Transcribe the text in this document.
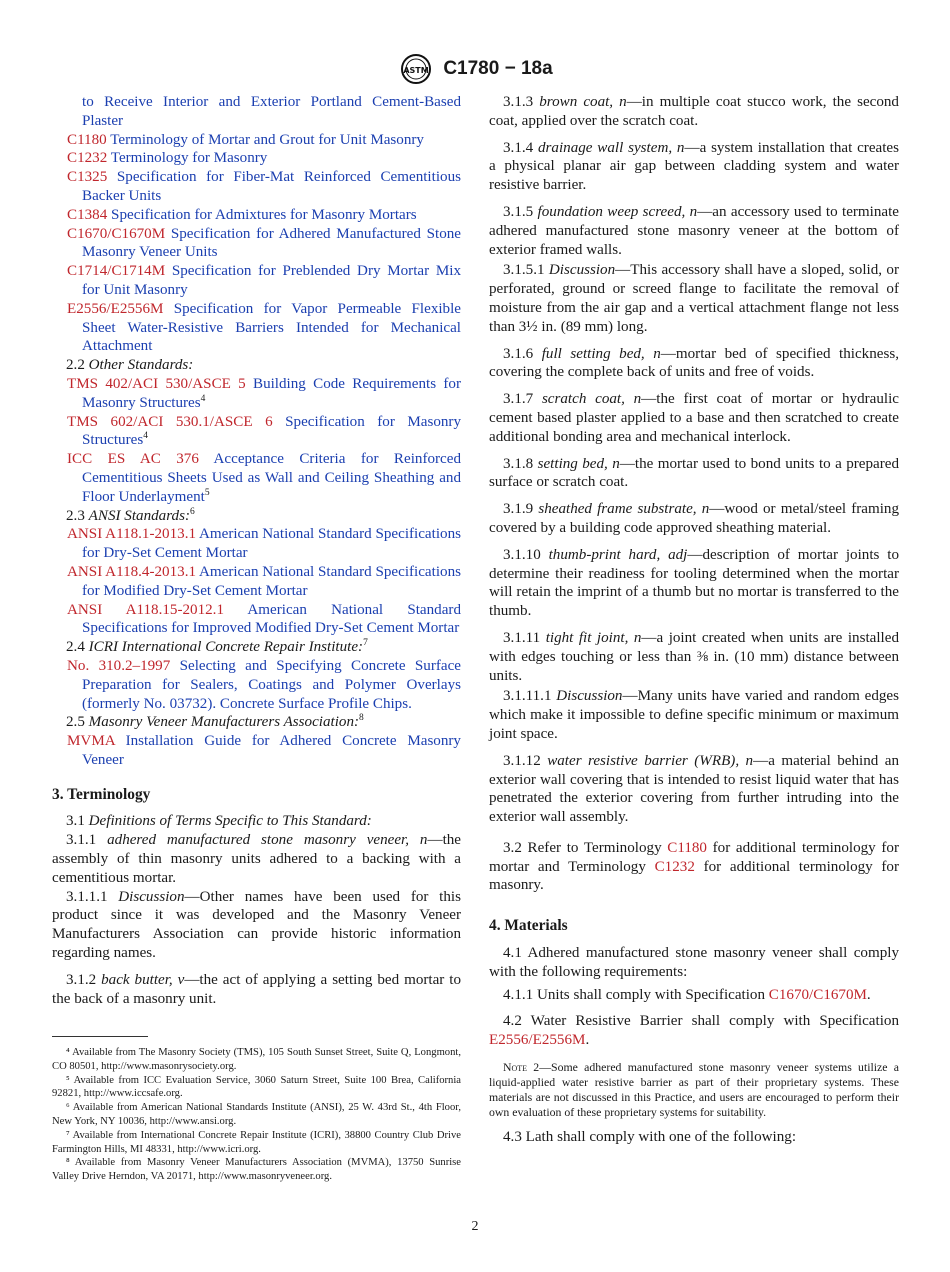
ASTM C1780 − 18a

to Receive Interior and Exterior Portland Cement-Based Plaster

C1180 Terminology of Mortar and Grout for Unit Masonry

C1232 Terminology for Masonry

C1325 Specification for Fiber-Mat Reinforced Cementitious Backer Units

C1384 Specification for Admixtures for Masonry Mortars

C1670/C1670M Specification for Adhered Manufactured Stone Masonry Veneer Units

C1714/C1714M Specification for Preblended Dry Mortar Mix for Unit Masonry

E2556/E2556M Specification for Vapor Permeable Flexible Sheet Water-Resistive Barriers Intended for Mechanical Attachment

2.2 Other Standards:

TMS 402/ACI 530/ASCE 5 Building Code Requirements for Masonry Structures$^4$

TMS 602/ACI 530.1/ASCE 6 Specification for Masonry Structures$^4$

ICC ES AC 376 Acceptance Criteria for Reinforced Cementitious Sheets Used as Wall and Ceiling Sheathing and Floor Underlayment$^5$

2.3 ANSI Standards:$^6$

ANSI A118.1-2013.1 American National Standard Specifications for Dry-Set Cement Mortar

ANSI A118.4-2013.1 American National Standard Specifications for Modified Dry-Set Cement Mortar

ANSI A118.15-2012.1 American National Standard Specifications for Improved Modified Dry-Set Cement Mortar

2.4 ICRI International Concrete Repair Institute:$^7$

No. 310.2–1997 Selecting and Specifying Concrete Surface Preparation for Sealers, Coatings and Polymer Overlays (formerly No. 03732). Concrete Surface Profile Chips.

2.5 Masonry Veneer Manufacturers Association:$^8$

MVMA Installation Guide for Adhered Concrete Masonry Veneer

3. Terminology

3.1 Definitions of Terms Specific to This Standard:

3.1.1 adhered manufactured stone masonry veneer, n—the assembly of thin masonry units adhered to a backing with a cementitious mortar.

3.1.1.1 Discussion—Other names have been used for this product since it was developed and the Masonry Veneer Manufacturers Association can provide historic information regarding names.

3.1.2 back butter, v—the act of applying a setting bed mortar to the back of a masonry unit.

⁴ Available from The Masonry Society (TMS), 105 South Sunset Street, Suite Q, Longmont, CO 80501, http://www.masonrysociety.org.

⁵ Available from ICC Evaluation Service, 3060 Saturn Street, Suite 100 Brea, California 92821, http://www.iccsafe.org.

⁶ Available from American National Standards Institute (ANSI), 25 W. 43rd St., 4th Floor, New York, NY 10036, http://www.ansi.org.

⁷ Available from International Concrete Repair Institute (ICRI), 38800 Country Club Drive Farmington Hills, MI 48331, http://www.icri.org.

⁸ Available from Masonry Veneer Manufacturers Association (MVMA), 13750 Sunrise Valley Drive Herndon, VA 20171, http://www.masonryveneer.org.

3.1.3 brown coat, n—in multiple coat stucco work, the second coat, applied over the scratch coat.

3.1.4 drainage wall system, n—a system installation that creates a physical planar air gap between cladding system and water resistive barrier.

3.1.5 foundation weep screed, n—an accessory used to terminate adhered manufactured stone masonry veneer at the bottom of exterior framed walls.

3.1.5.1 Discussion—This accessory shall have a sloped, solid, or perforated, ground or screed flange to facilitate the removal of moisture from the air gap and a vertical attachment flange not less than 3½ in. (89 mm) long.

3.1.6 full setting bed, n—mortar bed of specified thickness, covering the complete back of units and free of voids.

3.1.7 scratch coat, n—the first coat of mortar or hydraulic cement based plaster applied to a base and then scratched to create additional bonding area and mechanical interlock.

3.1.8 setting bed, n—the mortar used to bond units to a prepared surface or scratch coat.

3.1.9 sheathed frame substrate, n—wood or metal/steel framing covered by a building code approved sheathing material.

3.1.10 thumb-print hard, adj—description of mortar joints to determine their readiness for tooling determined when the mortar will retain the imprint of a thumb but no mortar is transferred to the thumb.

3.1.11 tight fit joint, n—a joint created when units are installed with edges touching or less than ⅜ in. (10 mm) distance between units.

3.1.11.1 Discussion—Many units have varied and random edges which make it impossible to define specific minimum or maximum joint space.

3.1.12 water resistive barrier (WRB), n—a material behind an exterior wall covering that is intended to resist liquid water that has penetrated the exterior covering from further intruding into the exterior wall assembly.

3.2 Refer to Terminology C1180 for additional terminology for mortar and Terminology C1232 for additional terminology for masonry.

4. Materials

4.1 Adhered manufactured stone masonry veneer shall comply with the following requirements:

4.1.1 Units shall comply with Specification C1670/C1670M.

4.2 Water Resistive Barrier shall comply with Specification E2556/E2556M.

Note 2—Some adhered manufactured stone masonry veneer systems utilize a liquid-applied water resistive barrier as part of their proprietary systems. These materials are not discussed in this Practice, and users are encouraged to perform their own evaluation of these proprietary systems for suitability.

4.3 Lath shall comply with one of the following:

2
